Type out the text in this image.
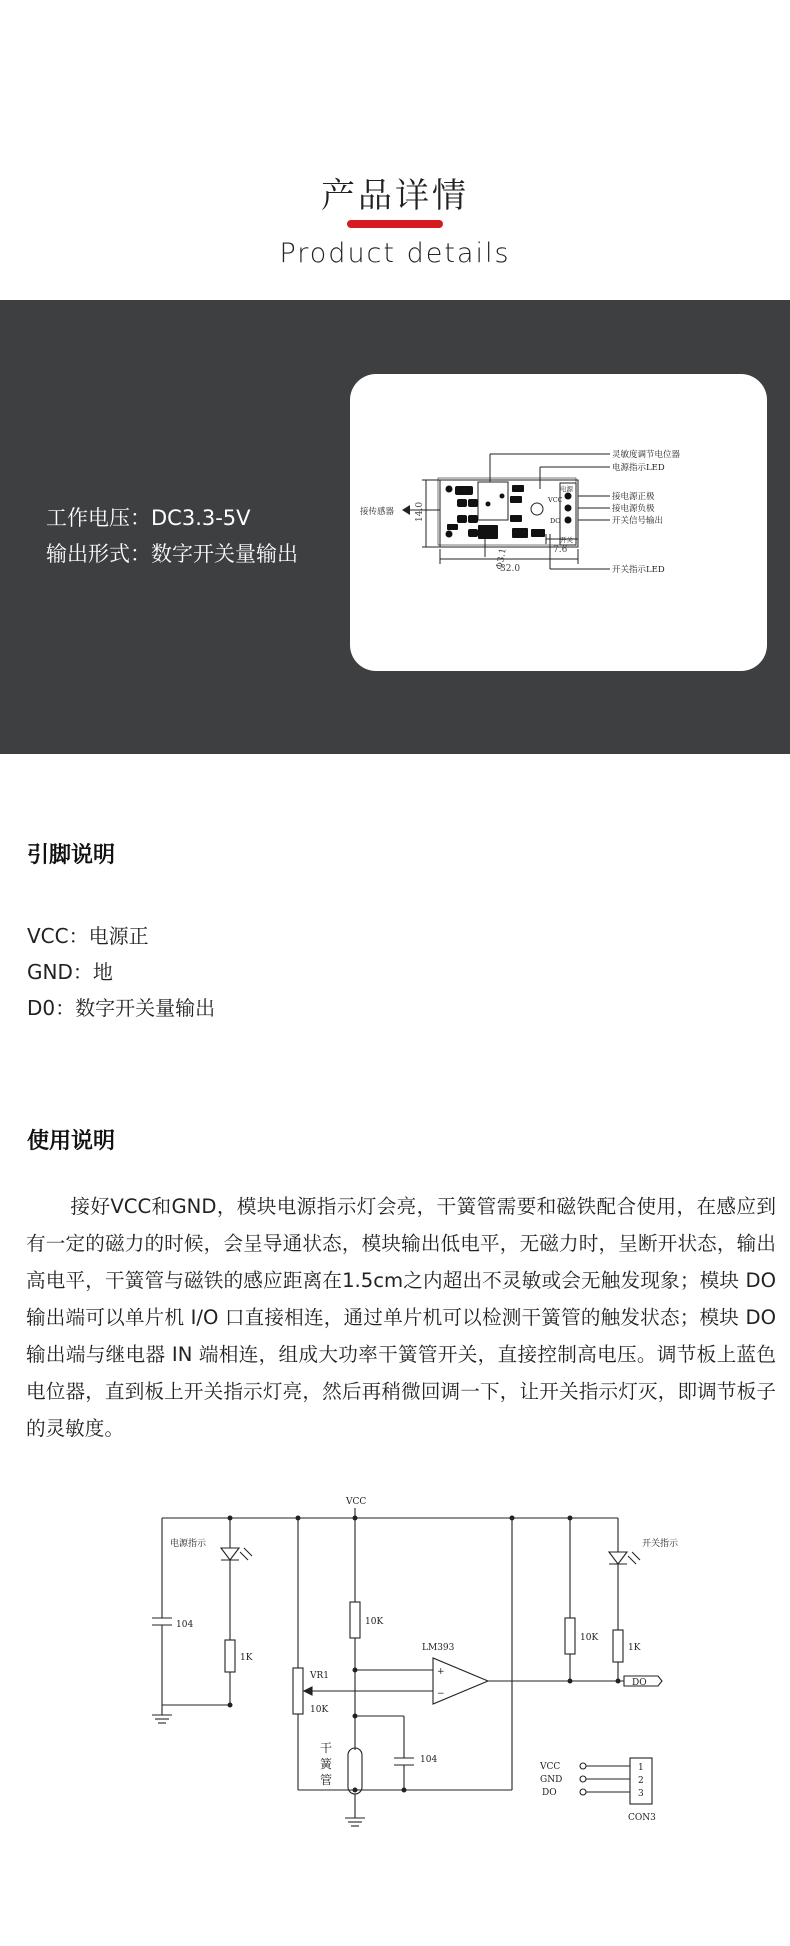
产品详情
Product details
工作电压：DC3.3-5V
输出形式：数字开关量输出
灵敏度调节电位器
电源指示LED
接电源正极
接电源负极
开关信号输出
开关指示LED
接传感器
电源
VCC
DO
开关
14.0
Φ3.1	7.6
32.0
引脚说明
VCC：电源正
GND：地
D0：数字开关量输出
使用说明
接好VCC和GND，模块电源指示灯会亮，干簧管需要和磁铁配合使用，在感应到有一定的磁力的时候，会呈导通状态，模块输出低电平，无磁力时，呈断开状态，输出高电平，干簧管与磁铁的感应距离在1.5cm之内超出不灵敏或会无触发现象；模块 DO 输出端可以单片机 I/O 口直接相连，通过单片机可以检测干簧管的触发状态；模块 DO 输出端与继电器 IN 端相连，组成大功率干簧管开关，直接控制高电压。调节板上蓝色电位器，直到板上开关指示灯亮，然后再稍微回调一下，让开关指示灯灭，即调节板子的灵敏度。
VCC
电源指示	开关指示
104
1K
10K
10K
1K
LM393
+
−
VR1
10K
104
DO
VCC
GND
DO
1
2
3
CON3
干
簧
管
